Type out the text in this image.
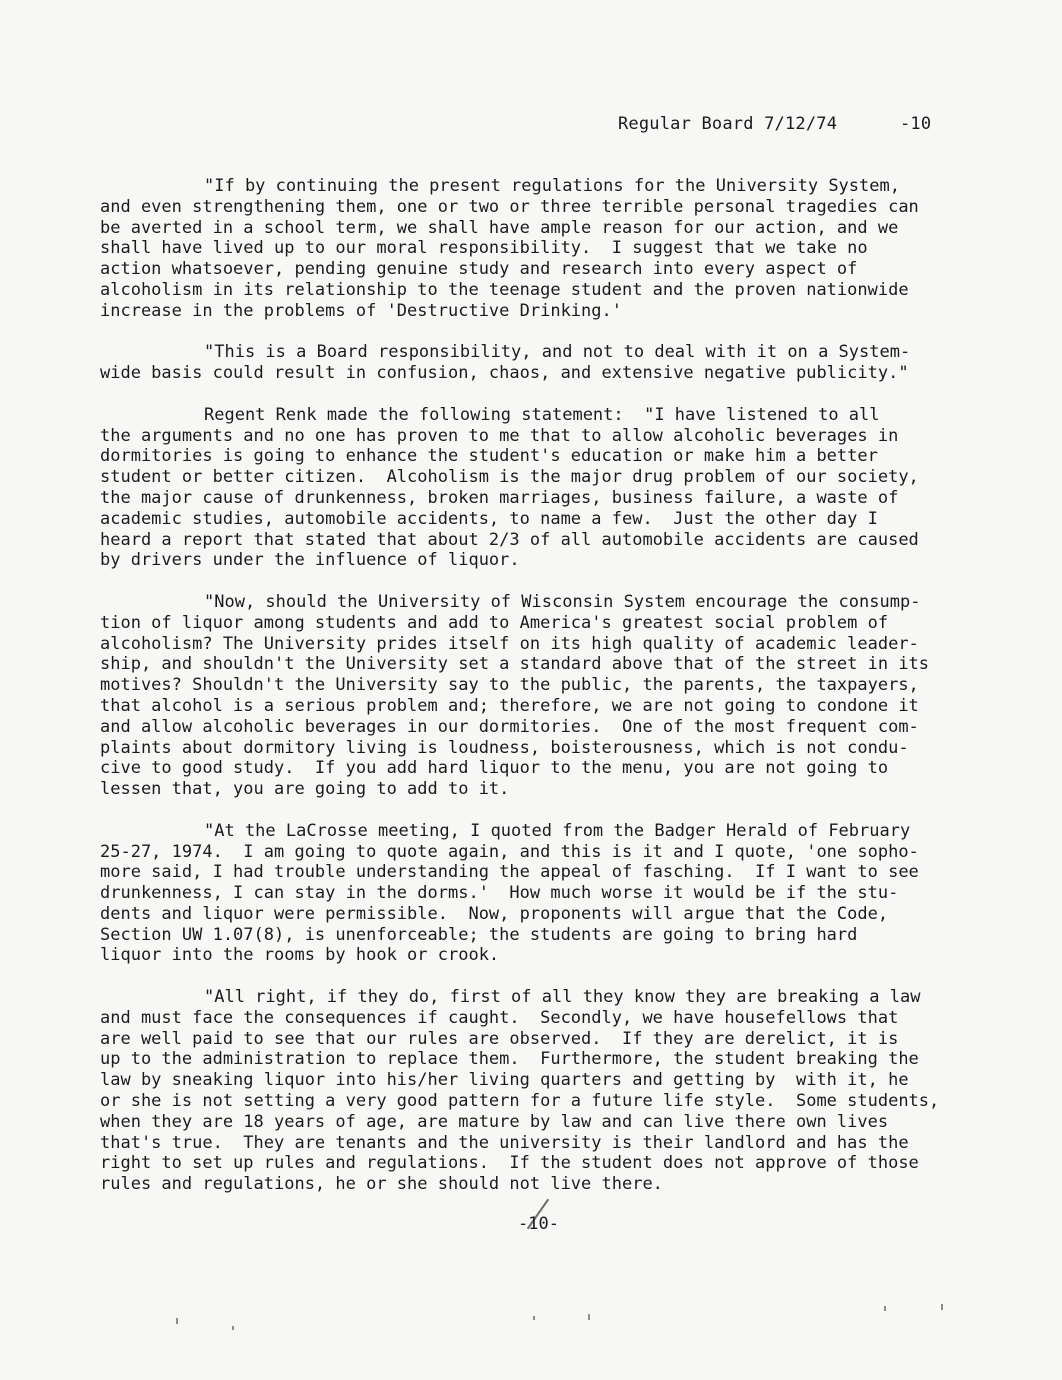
Regular Board 7/12/74	-10
"If by continuing the present regulations for the University System,
and even strengthening them, one or two or three terrible personal tragedies can
be averted in a school term, we shall have ample reason for our action, and we
shall have lived up to our moral responsibility.  I suggest that we take no
action whatsoever, pending genuine study and research into every aspect of
alcoholism in its relationship to the teenage student and the proven nationwide
increase in the problems of 'Destructive Drinking.'
"This is a Board responsibility, and not to deal with it on a System-
wide basis could result in confusion, chaos, and extensive negative publicity."
Regent Renk made the following statement:  "I have listened to all
the arguments and no one has proven to me that to allow alcoholic beverages in
dormitories is going to enhance the student's education or make him a better
student or better citizen.  Alcoholism is the major drug problem of our society,
the major cause of drunkenness, broken marriages, business failure, a waste of
academic studies, automobile accidents, to name a few.  Just the other day I
heard a report that stated that about 2/3 of all automobile accidents are caused
by drivers under the influence of liquor.
"Now, should the University of Wisconsin System encourage the consump-
tion of liquor among students and add to America's greatest social problem of
alcoholism? The University prides itself on its high quality of academic leader-
ship, and shouldn't the University set a standard above that of the street in its
motives? Shouldn't the University say to the public, the parents, the taxpayers,
that alcohol is a serious problem and; therefore, we are not going to condone it
and allow alcoholic beverages in our dormitories.  One of the most frequent com-
plaints about dormitory living is loudness, boisterousness, which is not condu-
cive to good study.  If you add hard liquor to the menu, you are not going to
lessen that, you are going to add to it.
"At the LaCrosse meeting, I quoted from the Badger Herald of February
25-27, 1974.  I am going to quote again, and this is it and I quote, 'one sopho-
more said, I had trouble understanding the appeal of fasching.  If I want to see
drunkenness, I can stay in the dorms.'  How much worse it would be if the stu-
dents and liquor were permissible.  Now, proponents will argue that the Code,
Section UW 1.07(8), is unenforceable; the students are going to bring hard
liquor into the rooms by hook or crook.
"All right, if they do, first of all they know they are breaking a law
and must face the consequences if caught.  Secondly, we have housefellows that
are well paid to see that our rules are observed.  If they are derelict, it is
up to the administration to replace them.  Furthermore, the student breaking the
law by sneaking liquor into his/her living quarters and getting by  with it, he
or she is not setting a very good pattern for a future life style.  Some students,
when they are 18 years of age, are mature by law and can live there own lives
that's true.  They are tenants and the university is their landlord and has the
right to set up rules and regulations.  If the student does not approve of those
rules and regulations, he or she should not live there.
-10-
